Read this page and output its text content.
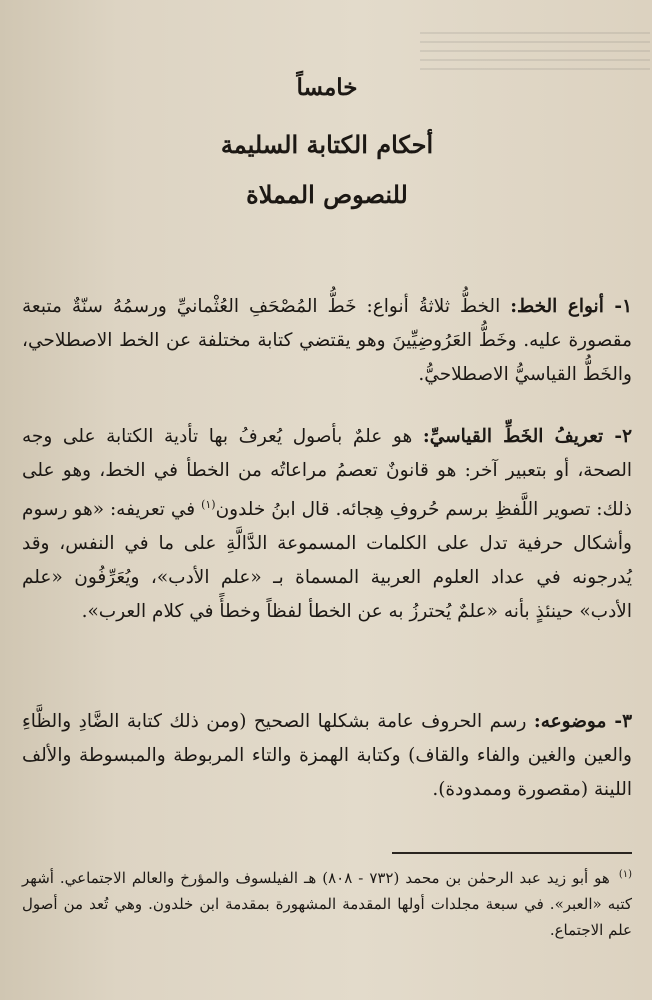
خامساً
أحكام الكتابة السليمة
للنصوص المملاة

١- أنواع الخط: الخطُّ ثلاثةُ أنواع: خَطُّ المُصْحَفِ العُثْمانيِّ ورسمُهُ سنّةٌ متبعة مقصورة عليه. وخَطُّ العَرُوضِيِّينَ وهو يقتضي كتابة مختلفة عن الخط الاصطلاحي، والخَطُّ القياسيُّ الاصطلاحيُّ.

٢- تعريفُ الخَطِّ القياسيِّ: هو علمٌ بأصول يُعرفُ بها تأدية الكتابة على وجه الصحة، أو بتعبير آخر: هو قانونٌ تعصمُ مراعاتُه من الخطأ في الخط، وهو على ذلك: تصوير اللَّفظِ برسم حُروفِ هِجائه. قال ابنُ خلدون$^{(١)}$ في تعريفه: «هو رسوم وأشكال حرفية تدل على الكلمات المسموعة الدَّالَّةِ على ما في النفس، وقد يُدرجونه في عداد العلوم العربية المسماة بـ «علم الأدب»، ويُعَرِّفُون «علم الأدب» حينئذٍ بأنه «علمٌ يُحترزُ به عن الخطأ لفظاً وخطأً في كلام العرب».

٣- موضوعه: رسم الحروف عامة بشكلها الصحيح (ومن ذلك كتابة الضَّادِ والظَّاءِ والعين والغين والفاء والقاف) وكتابة الهمزة والتاء المربوطة والمبسوطة والألف اللينة (مقصورة وممدودة).

$^{(١)}$ هو أبو زيد عبد الرحمٰن بن محمد (٧٣٢ - ٨٠٨) هـ الفيلسوف والمؤرخ والعالم الاجتماعي. أشهر كتبه «العبر». في سبعة مجلدات أولها المقدمة المشهورة بمقدمة ابن خلدون. وهي تُعد من أصول علم الاجتماع.
